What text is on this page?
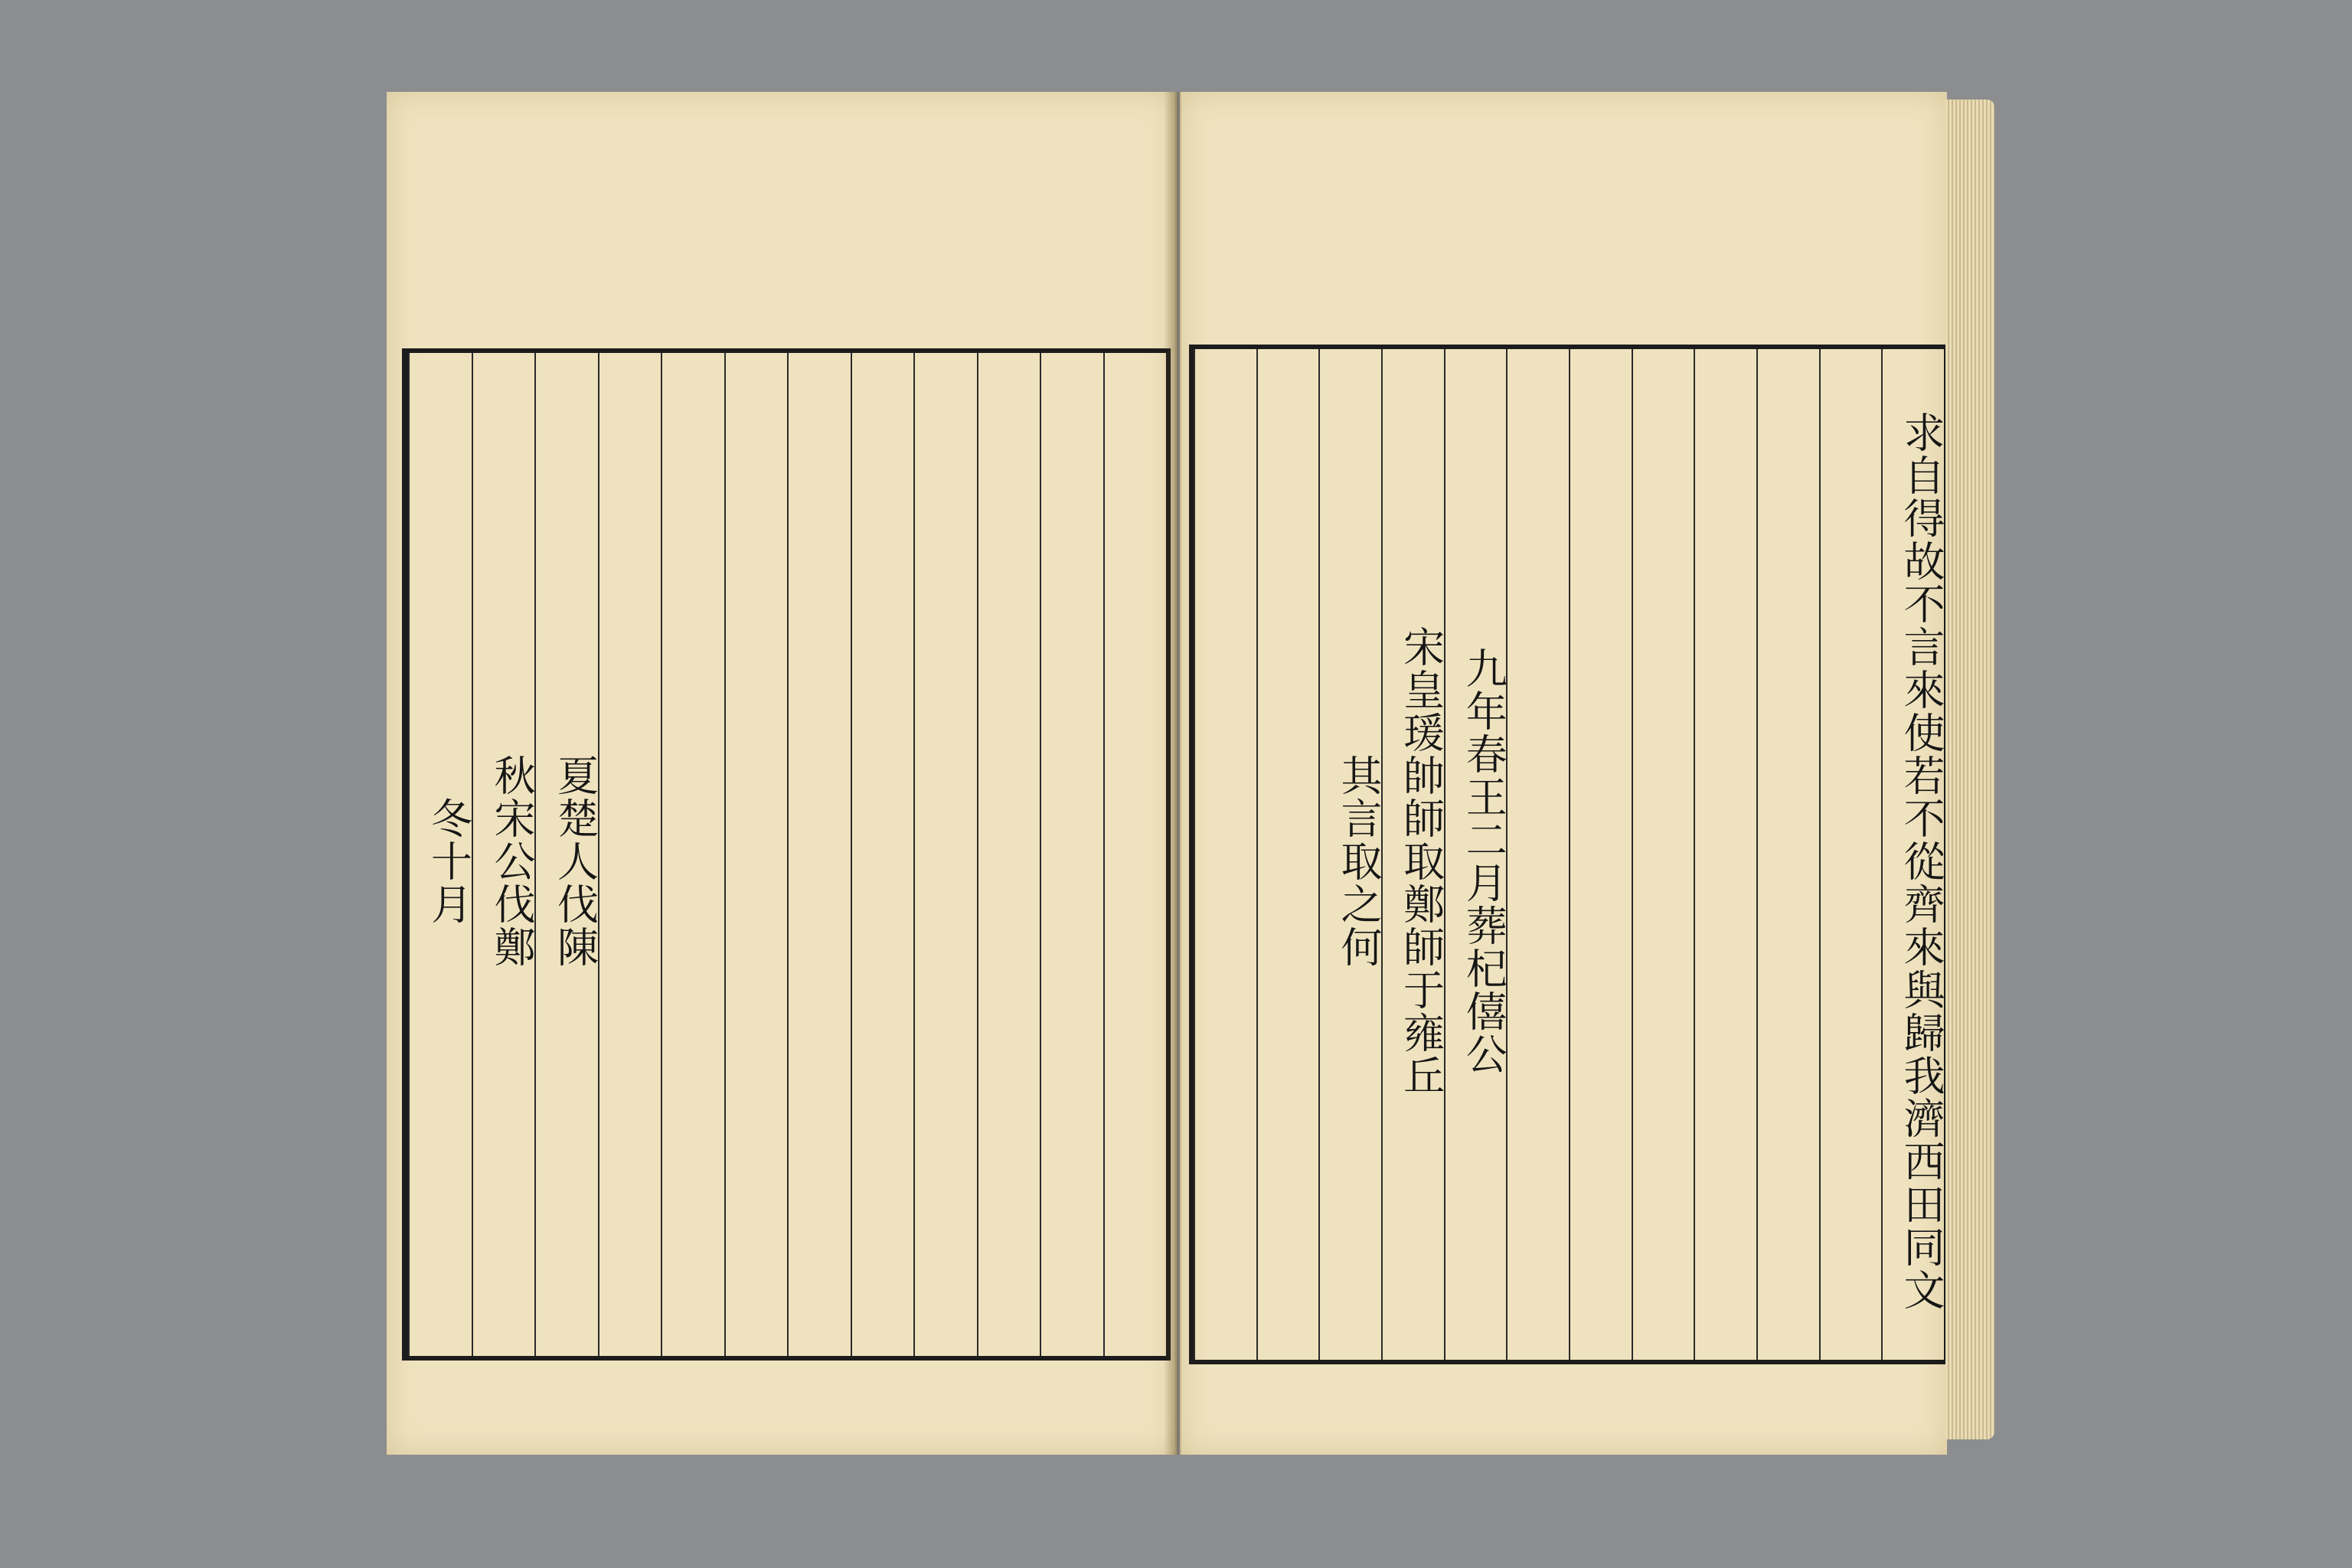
夏楚人伐陳
秋宋公伐鄭
冬十月	求自得故不言來使若不從齊來與歸我濟西田同文
九年春王二月葬杞僖公
宋皇瑗帥師取鄭師于雍丘
其言取之何
